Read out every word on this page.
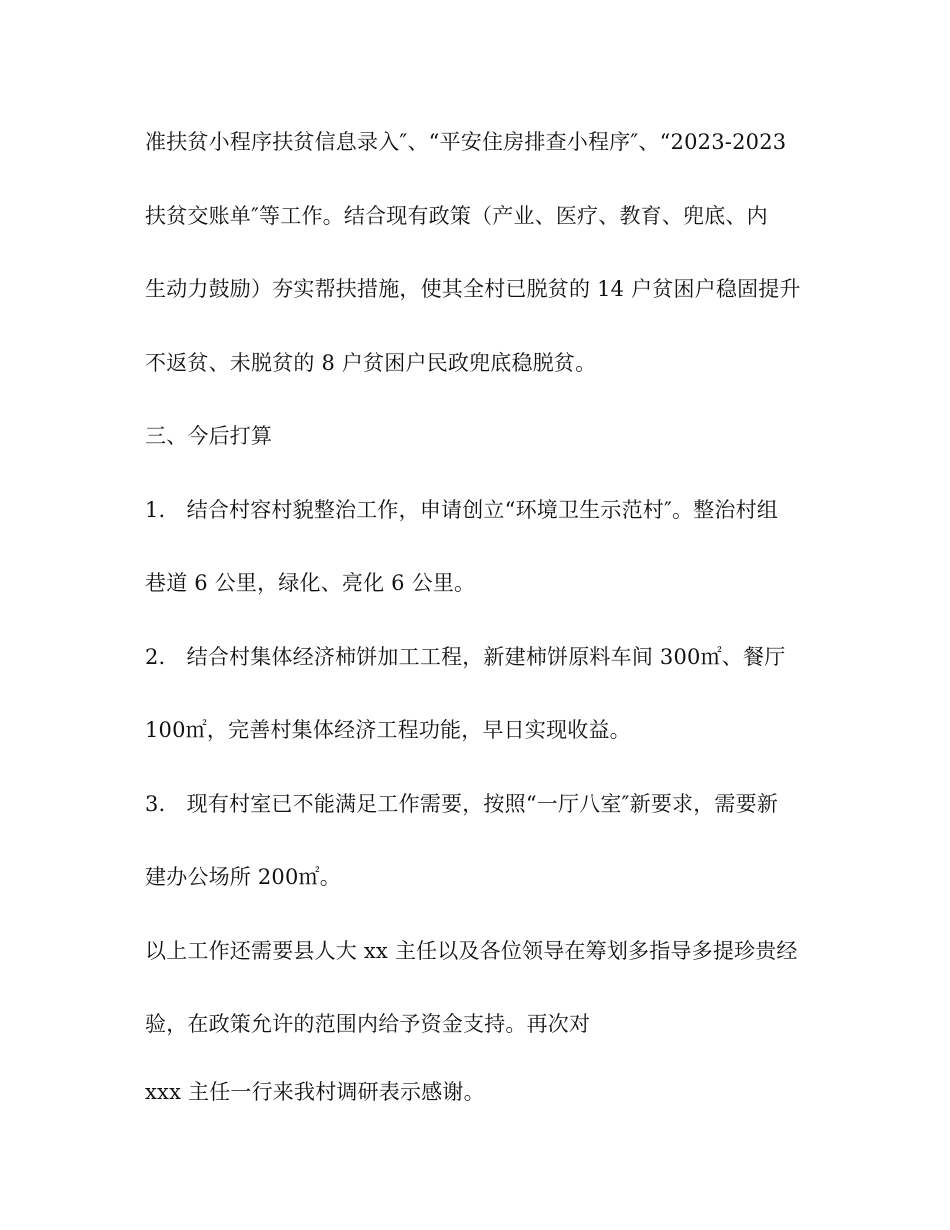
准扶贫小程序扶贫信息录入″、“平安住房排查小程序″、“2023-2023
扶贫交账单″等工作。结合现有政策（产业、医疗、教育、兜底、内
生动力鼓励）夯实帮扶措施，使其全村已脱贫的 14 户贫困户稳固提升
不返贫、未脱贫的 8 户贫困户民政兜底稳脱贫。
三、今后打算
1.　结合村容村貌整治工作，申请创立“环境卫生示范村″。整治村组
巷道 6 公里，绿化、亮化 6 公里。
2.　结合村集体经济柿饼加工工程，新建柿饼原料车间 300㎡、餐厅
100㎡，完善村集体经济工程功能，早日实现收益。
3.　现有村室已不能满足工作需要，按照“一厅八室″新要求，需要新
建办公场所 200㎡。
以上工作还需要县人大 xx 主任以及各位领导在筹划多指导多提珍贵经
验，在政策允许的范围内给予资金支持。再次对
xxx 主任一行来我村调研表示感谢。
